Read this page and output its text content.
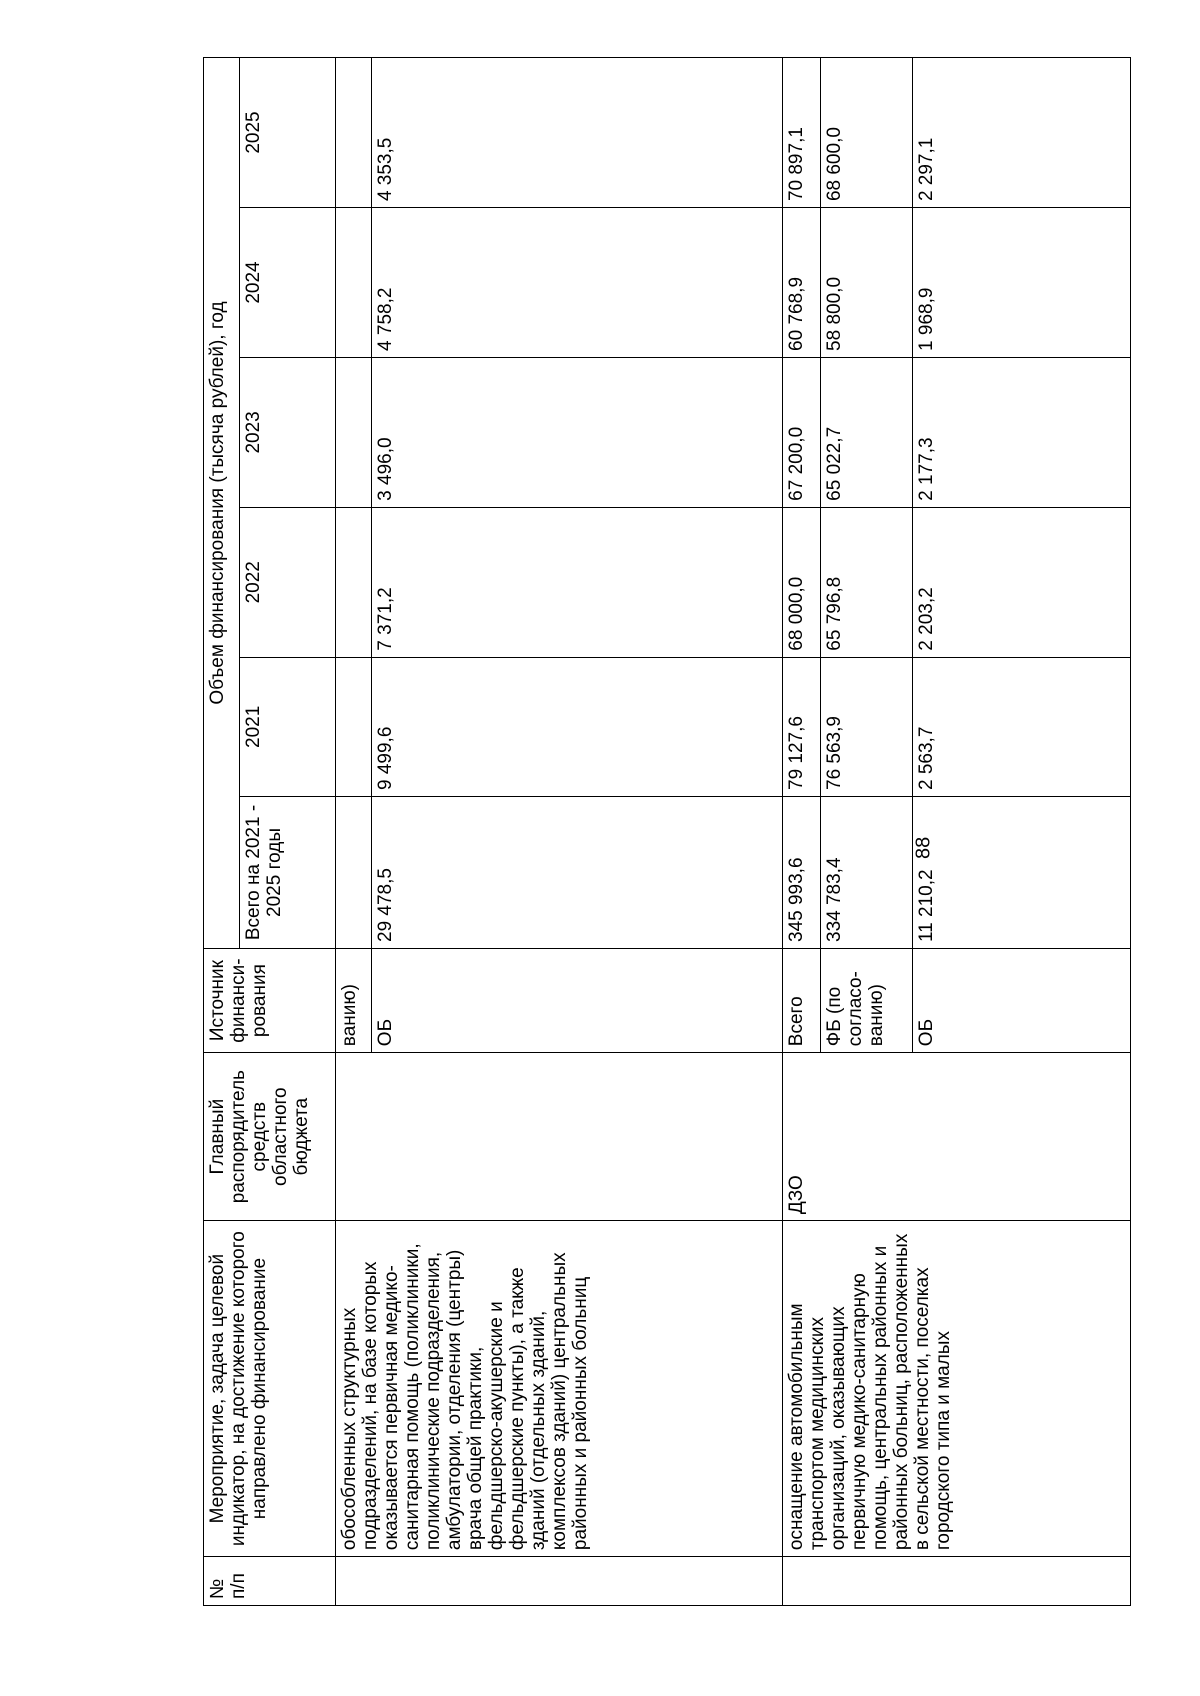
88
№ п/п	Мероприятие, задача целевой индикатор, на достижение которого направлено финансирование	Главный распорядитель средств областного бюджета	Источник финанси-рования	Объем финансирования (тысяча рублей), год					
				Всего на 2021 - 2025 годы	2021	2022	2023	2024	2025
	обособленных структурных подразделений, на базе которых оказывается первичная медико-санитарная помощь (поликлиники, поликлинические подразделения, амбулатории, отделения (центры) врача общей практики, фельдшерско-акушерские и фельдшерские пункты), а также зданий (отдельных зданий, комплексов зданий) центральных районных и районных больниц		ванию)						
			ОБ	29 478,5	9 499,6	7 371,2	3 496,0	4 758,2	4 353,5
	оснащение автомобильным транспортом медицинских организаций, оказывающих первичную медико-санитарную помощь, центральных районных и районных больниц, расположенных в сельской местности, поселках городского типа и малых	ДЗО	Всего	345 993,6	79 127,6	68 000,0	67 200,0	60 768,9	70 897,1
			ФБ (по согласо-ванию)	334 783,4	76 563,9	65 796,8	65 022,7	58 800,0	68 600,0
			ОБ	11 210,2	2 563,7	2 203,2	2 177,3	1 968,9	2 297,1
